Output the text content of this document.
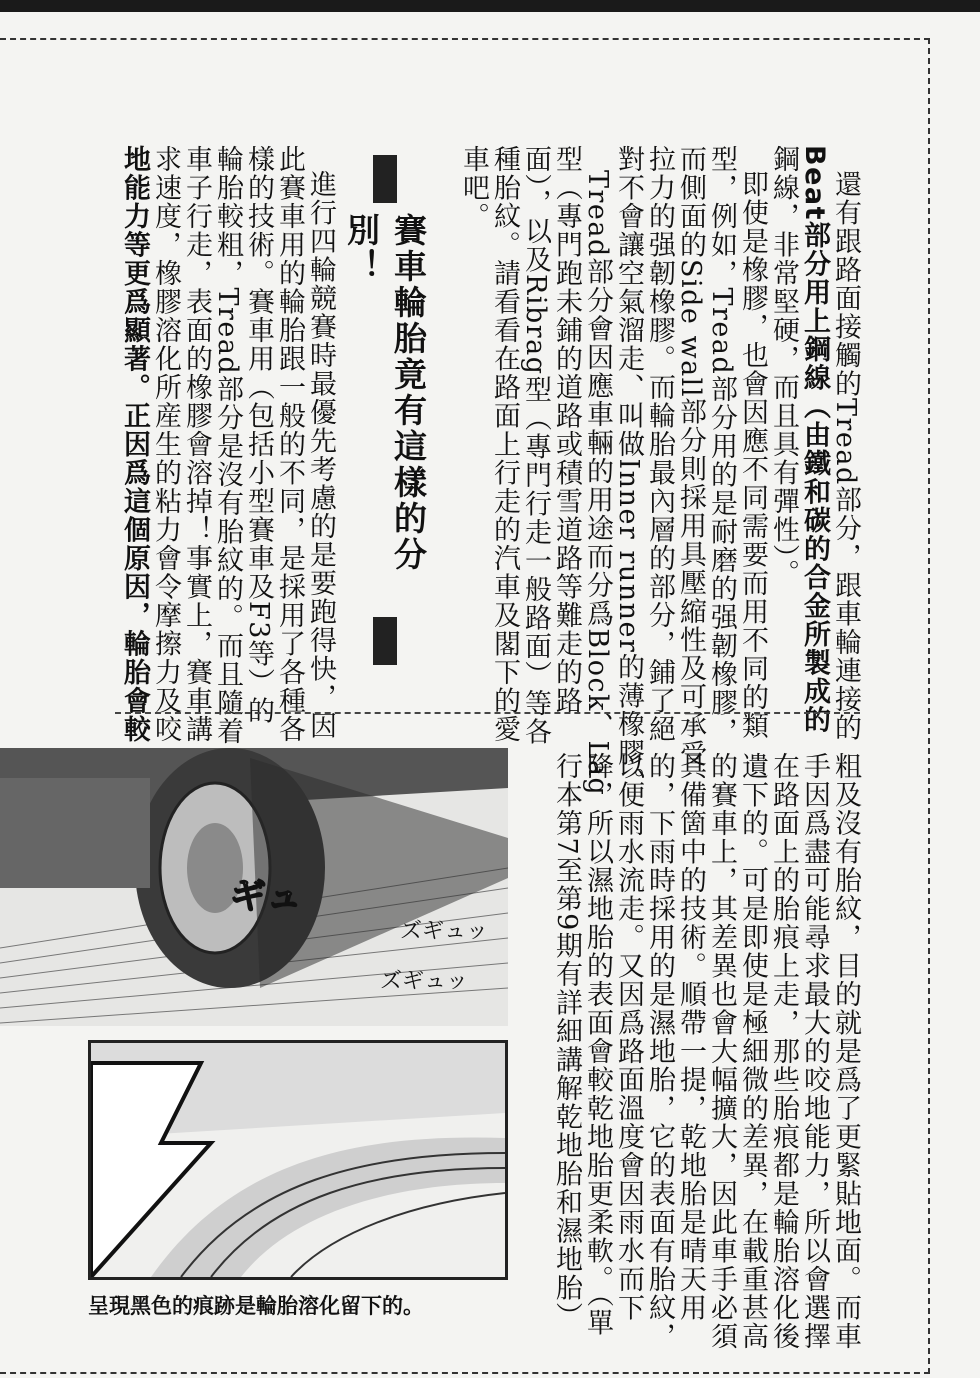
還有跟路面接觸的Tread部分，跟車輪連接的
Beat部分用上鋼線（由鐵和碳的合金所製成的
鋼線，非常堅硬，而且具有彈性）。
即使是橡膠，也會因應不同需要而用不同的類
型，例如，Tread部分用的是耐磨的强韌橡膠，
而側面的Side wall部分則採用具壓縮性及可承受
拉力的强韌橡膠。而輪胎最內層的部分，鋪了絕
對不會讓空氣溜走、叫做Inner runner的薄橡膠。
Tread部分會因應車輛的用途而分爲Block、Lag
型（專門跑未鋪的道路或積雪道路等難走的路
面），以及Ribrag型（專門行走一般路面）等各
種胎紋。請看看在路面上行走的汽車及閣下的愛
車吧。
賽車輪胎竟有這樣的分別！
進行四輪競賽時最優先考慮的是要跑得快，因
此賽車用的輪胎跟一般的不同，是採用了各種各
樣的技術。賽車用（包括小型賽車及F3等）的
輪胎較粗，Tread部分是沒有胎紋的。而且隨着
車子行走，表面的橡膠會溶掉！事實上，賽車講
求速度，橡膠溶化所産生的粘力會令摩擦力及咬
地能力等更爲顯著。正因爲這個原因，輪胎會較
粗及沒有胎紋，目的就是爲了更緊貼地面。而車
手因爲盡可能尋求最大的咬地能力，所以會選擇
在路面上的胎痕上走，那些胎痕都是輪胎溶化後
遺下的。可是即使是極細微的差異，在載重甚高
的賽車上，其差異也會大幅擴大，因此車手必須
具備箇中的技術。順帶一提，乾地胎是晴天用
的，下雨時採用的是濕地胎，它的表面有胎紋，
以便雨水流走。又因爲路面溫度會因雨水而下
降，所以濕地胎的表面會較乾地胎更柔軟。（單
行本第7至第9期有詳細講解乾地胎和濕地胎）
ギュ
ズギュッ
ズギュッ
呈現黑色的痕跡是輪胎溶化留下的。
